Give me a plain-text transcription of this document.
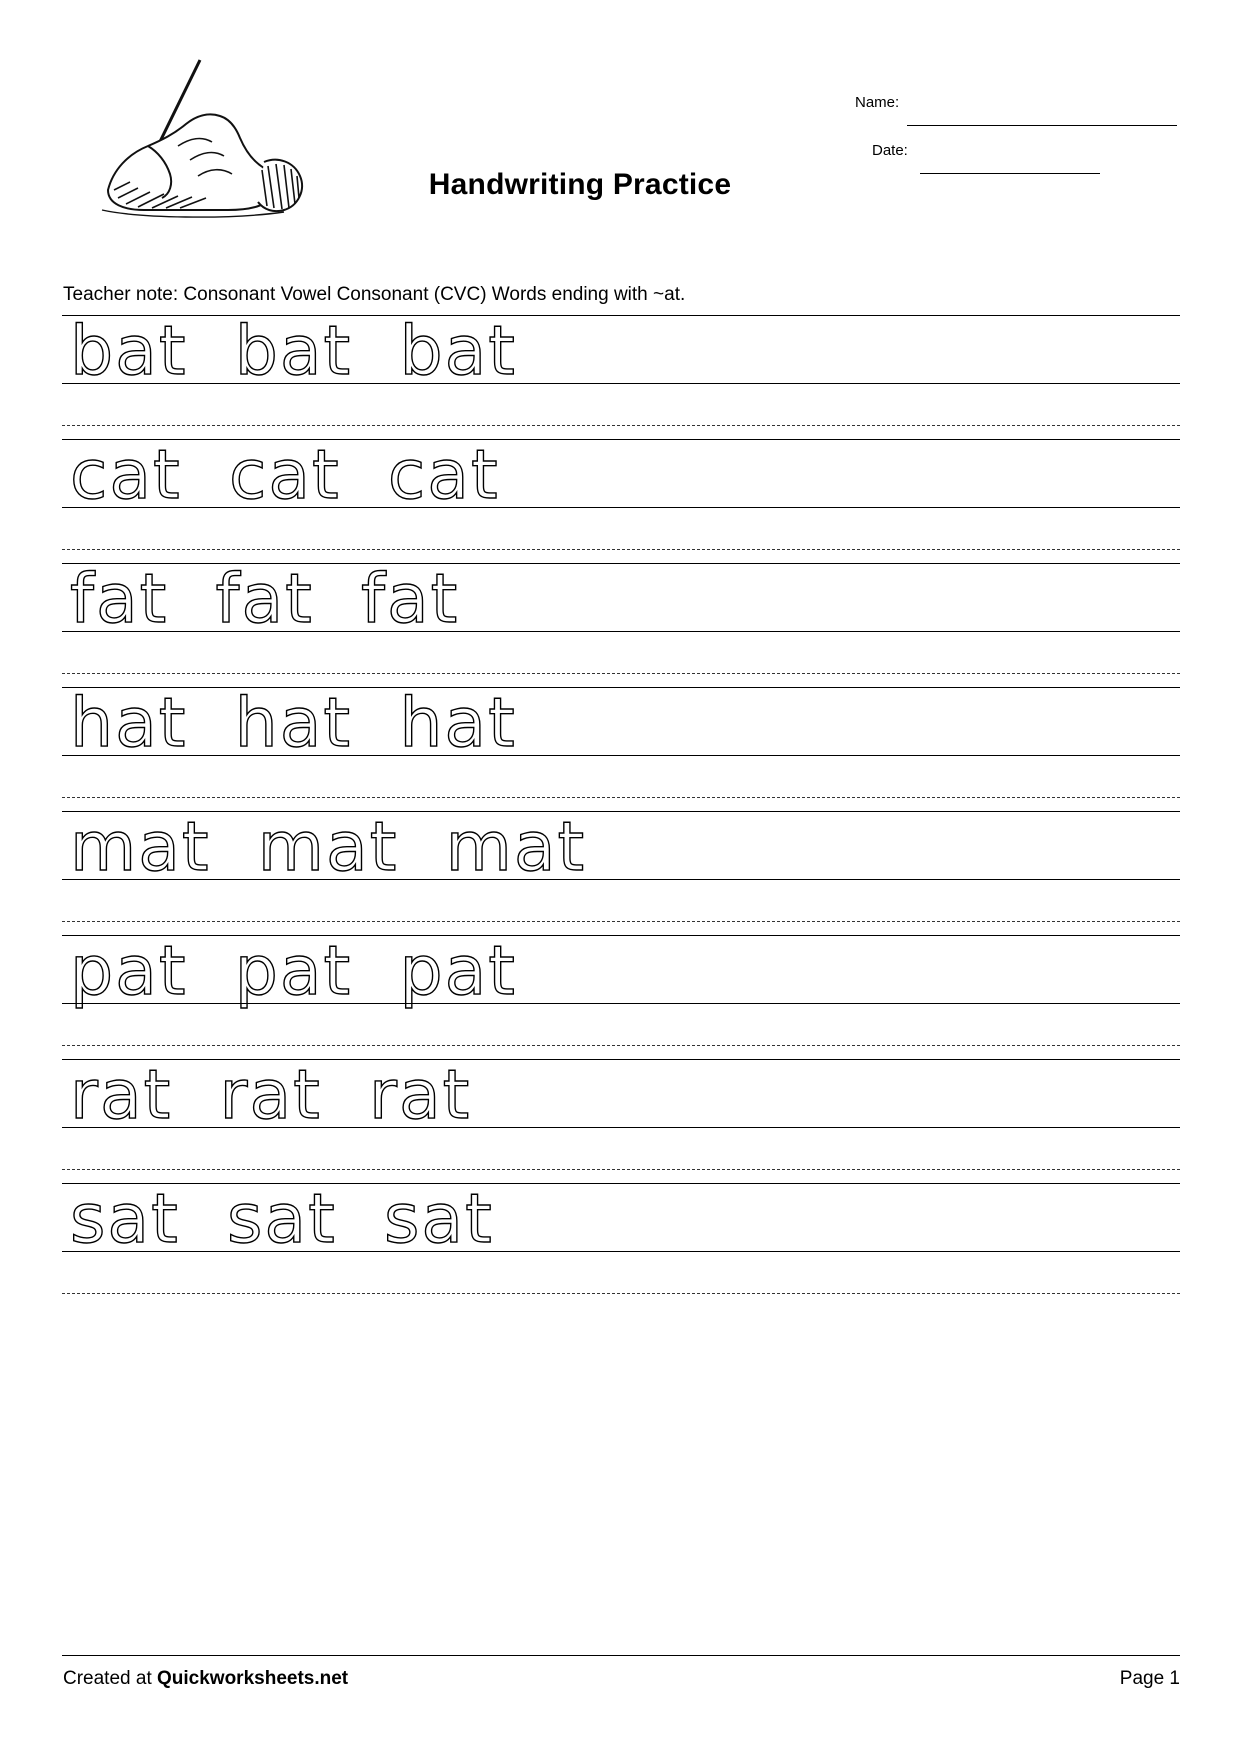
Handwriting Practice
Name:
Date:
Teacher note: Consonant Vowel Consonant (CVC) Words ending with ~at.
bat  bat  bat
cat  cat  cat
fat  fat  fat
hat  hat  hat
mat  mat  mat
pat  pat  pat
rat  rat  rat
sat  sat  sat
Created at Quickworksheets.net	Page 1
